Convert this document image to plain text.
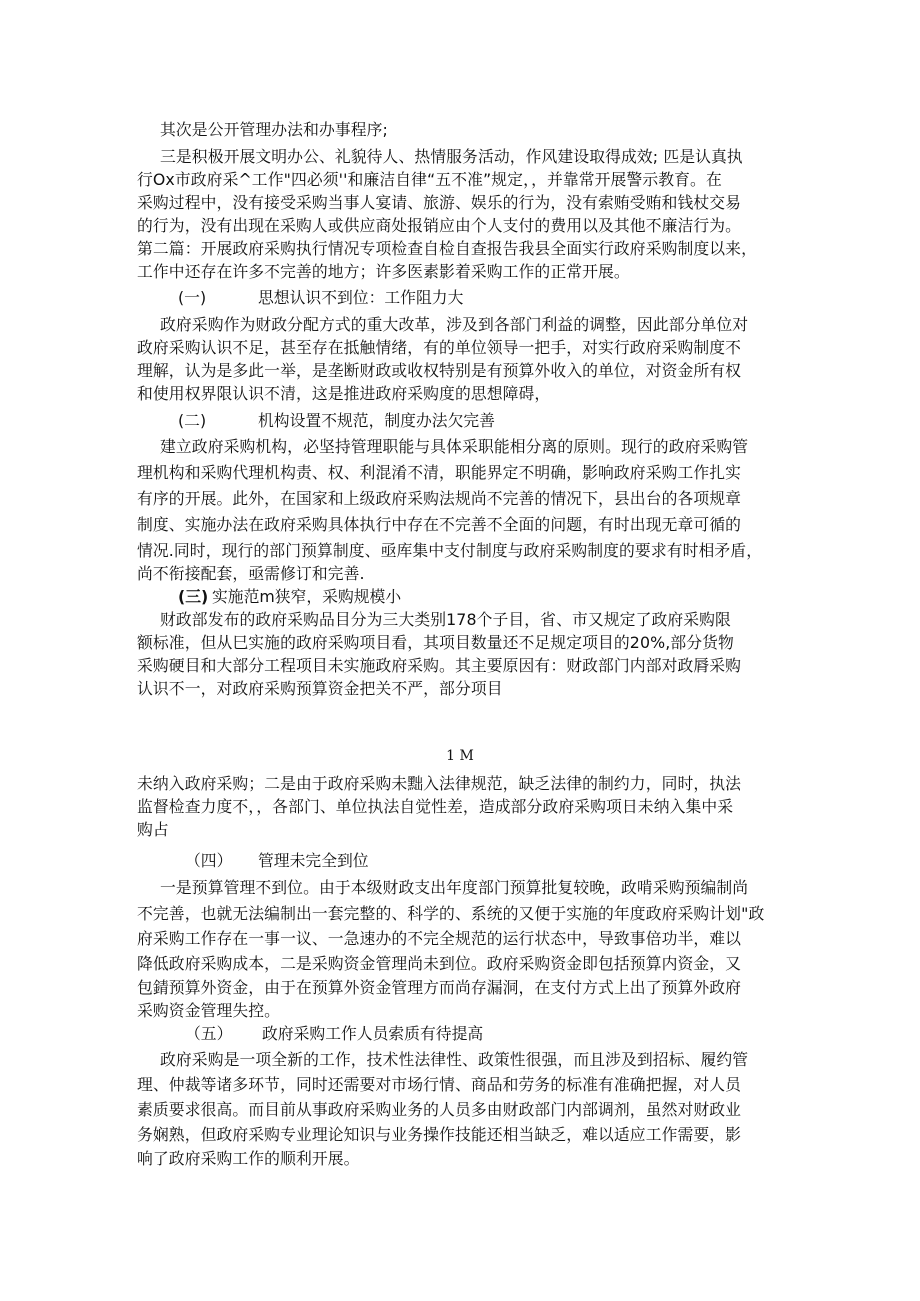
其次是公开管理办法和办事程序;
三是积极开展文明办公、礼貌待人、热情服务活动，作风建设取得成效; 匹是认真执
行Ox市政府采^工作"四必须''和廉洁自律“五不准”规定，，并靠常开展警示教育。在
采购过程中，没有接受采购当事人宴请、旅游、娱乐的行为，没有索贿受贿和钱杖交易
的行为，没有出现在采购人或供应商处报销应由个人支付的费用以及其他不廉洁行为。
第二篇：开展政府采购执行情况专项检查自检自查报告我县全面实行政府采购制度以来，
工作中还存在许多不完善的地方；许多医素影着采购工作的正常开展。
(一)	思想认识不到位：工作阻力大
政府采购作为财政分配方式的重大改革，涉及到各部门利益的调整，因此部分单位对
政府采购认识不足，甚至存在抵触情绪，有的单位领导一把手，对实行政府采购制度不
理解，认为是多此一举，是垄断财政或收权特别是有预算外收入的单位，对资金所有权
和使用权界限认识不清，这是推进政府采购度的思想障碍，
(二)	机构设置不规范，制度办法欠完善
建立政府采购机构，必坚持管理职能与具体采职能相分离的原则。现行的政府采购管
理机构和采购代理机构责、权、利混淆不清，职能界定不明确，影响政府采购工作扎实
有序的开展。此外，在国家和上级政府采购法规尚不完善的情况下，县出台的各项规章
制度、实施办法在政府采购具体执行中存在不完善不全面的问题，有时出现无章可循的
情况.同时，现行的部门预算制度、亟库集中支付制度与政府采购制度的要求有时相矛盾，
尚不衔接配套，亟需修订和完善.
(三) 实施范m狭窄，采购规模小
财政部发布的政府采购品目分为三大类别178个子目，省、市又规定了政府采购限
额标准，但从巳实施的政府采购项目看，其项目数量还不足规定项目的20%,部分货物
采购硬目和大部分工程项目未实施政府采购。其主要原因有：财政部门内部对政脣采购
认识不一，对政府采购预算资金把关不严，部分项目
1 M
未纳入政府采购；二是由于政府采购未黜入法律规范，缺乏法律的制约力，同时，执法
监督检查力度不，，各部门、单位执法自觉性差，造成部分政府采购项日未纳入集中采
购占
（四） 管理未完全到位
一是预算管理不到位。由于本级财政支出年度部门预算批复较晚，政啃采购预编制尚
不完善，也就无法编制出一套完整的、科学的、系统的又便于实施的年度政府采购计划"政
府采购工作存在一事一议、一急速办的不完全规范的运行状态中，导致事倍功半，难以
降低政府采购成本，二是采购资金管理尚未到位。政府采购资金即包括预算内资金，又
包錆预算外资金，由于在预算外资金管理方而尚存漏洞，在支付方式上出了预算外政府
采购资金管理失控。
（五） 政府采购工作人员索质有待提高
政府采购是一项全新的工作，技术性法律性、政策性很强，而且涉及到招标、履约管
理、仲裁等诸多环节，同时还需要对市场行情、商品和劳务的标准有准确把握，对人员
素质要求很高。而目前从事政府采购业务的人员多由财政部门内部调剂，虽然对财政业
务娴熟，但政府采购专业理论知识与业务操作技能还相当缺乏，难以适应工作需要，影
响了政府采购工作的顺利开展。
